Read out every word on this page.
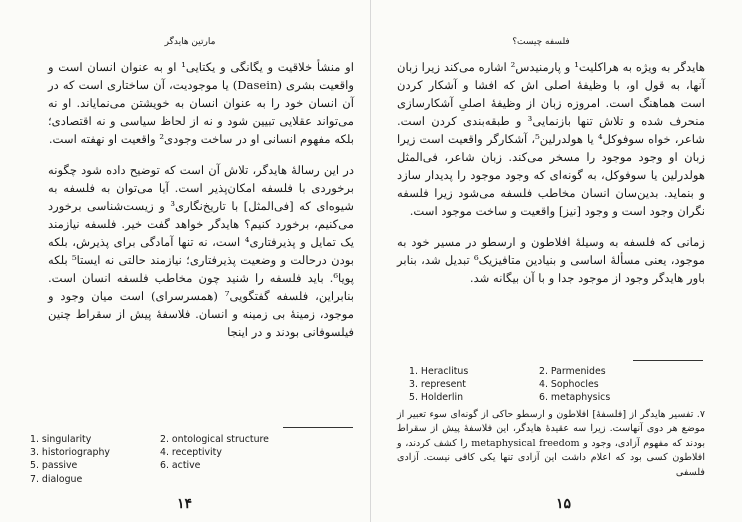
مارتین هایدگر

او منشأ خلاقیت و یگانگی و یکتایی¹ او به عنوان انسان است و واقعیت بشری (Dasein) یا موجودیت، آن ساختاری است که در آن انسان خود را به عنوان انسان به خویشتن می‌نمایاند. او نه می‌تواند عقلایی تبیین شود و نه از لحاظ سیاسی و نه اقتصادی؛ بلکه مفهوم انسانی او در ساخت وجودی² واقعیت او نهفته است.

در این رسالهٔ هایدگر، تلاش آن است که توضیح داده شود چگونه برخوردی با فلسفه امکان‌پذیر است. آیا می‌توان به فلسفه به شیوه‌ای که [فی‌المثل] با تاریخ‌نگاری³ و زیست‌شناسی برخورد می‌کنیم، برخورد کنیم؟ هایدگر خواهد گفت خیر. فلسفه نیازمند یک تمایل و پذیرفتاری⁴ است، نه تنها آمادگی برای پذیرش، بلکه بودن درحالت و وضعیت پذیرفتاری؛ نیازمند حالتی نه ایستا⁵ بلکه پویا⁶. باید فلسفه را شنید چون مخاطب فلسفه انسان است. بنابراین، فلسفه گفتگویی⁷ (همسرسرای) است میان وجود و موجود، زمینهٔ بی زمینه و انسان. فلاسفهٔ پیش از سقراط چنین فیلسوفانی بودند و در اینجا

1. singularity	2. ontological structure
3. historiography	4. receptivity
5. passive	6. active
7. dialogue
۱۴
فلسفه چیست؟

هایدگر به ویژه به هراکلیت¹ و پارمنیدس² اشاره می‌کند زیرا زبان آنها، به قول او، با وظیفهٔ اصلی اش که افشا و آشکار کردن است هماهنگ است. امروزه زبان از وظیفهٔ اصلیِ آشکارسازی منحرف شده و تلاش تنها بازنمایی³ و طبقه‌بندی کردن است. شاعر، خواه سوفوکل⁴ یا هولدرلین⁵، آشکارگر واقعیت است زیرا زبان او وجود موجود را مسخر می‌کند. زبان شاعر، فی‌المثل هولدرلین یا سوفوکل، به گونه‌ای که وجود موجود را پدیدار سازد و بنماید. بدین‌سان انسان مخاطب فلسفه می‌شود زیرا فلسفه نگران وجود است و وجود [نیز] واقعیت و ساخت موجود است.

زمانی که فلسفه به وسیلهٔ افلاطون و ارسطو در مسیر خود به موجود، یعنی مسألهٔ اساسی و بنیادین متافیزیک⁶ تبدیل شد، بنابر باور هایدگر وجود از موجود جدا و با آن بیگانه شد.

1. Heraclitus	2. Parmenides
3. represent	4. Sophocles
5. Holderlin	6. metaphysics
۷. تفسیر هایدگر از [فلسفهٔ] افلاطون و ارسطو حاکی از گونه‌ای سوء تعبیر از موضع هر دوی آنهاست. زیرا سه عقیدهٔ هایدگر، این فلاسفهٔ پیش از سقراط بودند که مفهوم آزادی، وجود و metaphysical freedom را کشف کردند، و افلاطون کسی بود که اعلام داشت این آزادی تنها یکی کافی نیست. آزادی فلسفی
۱۵
